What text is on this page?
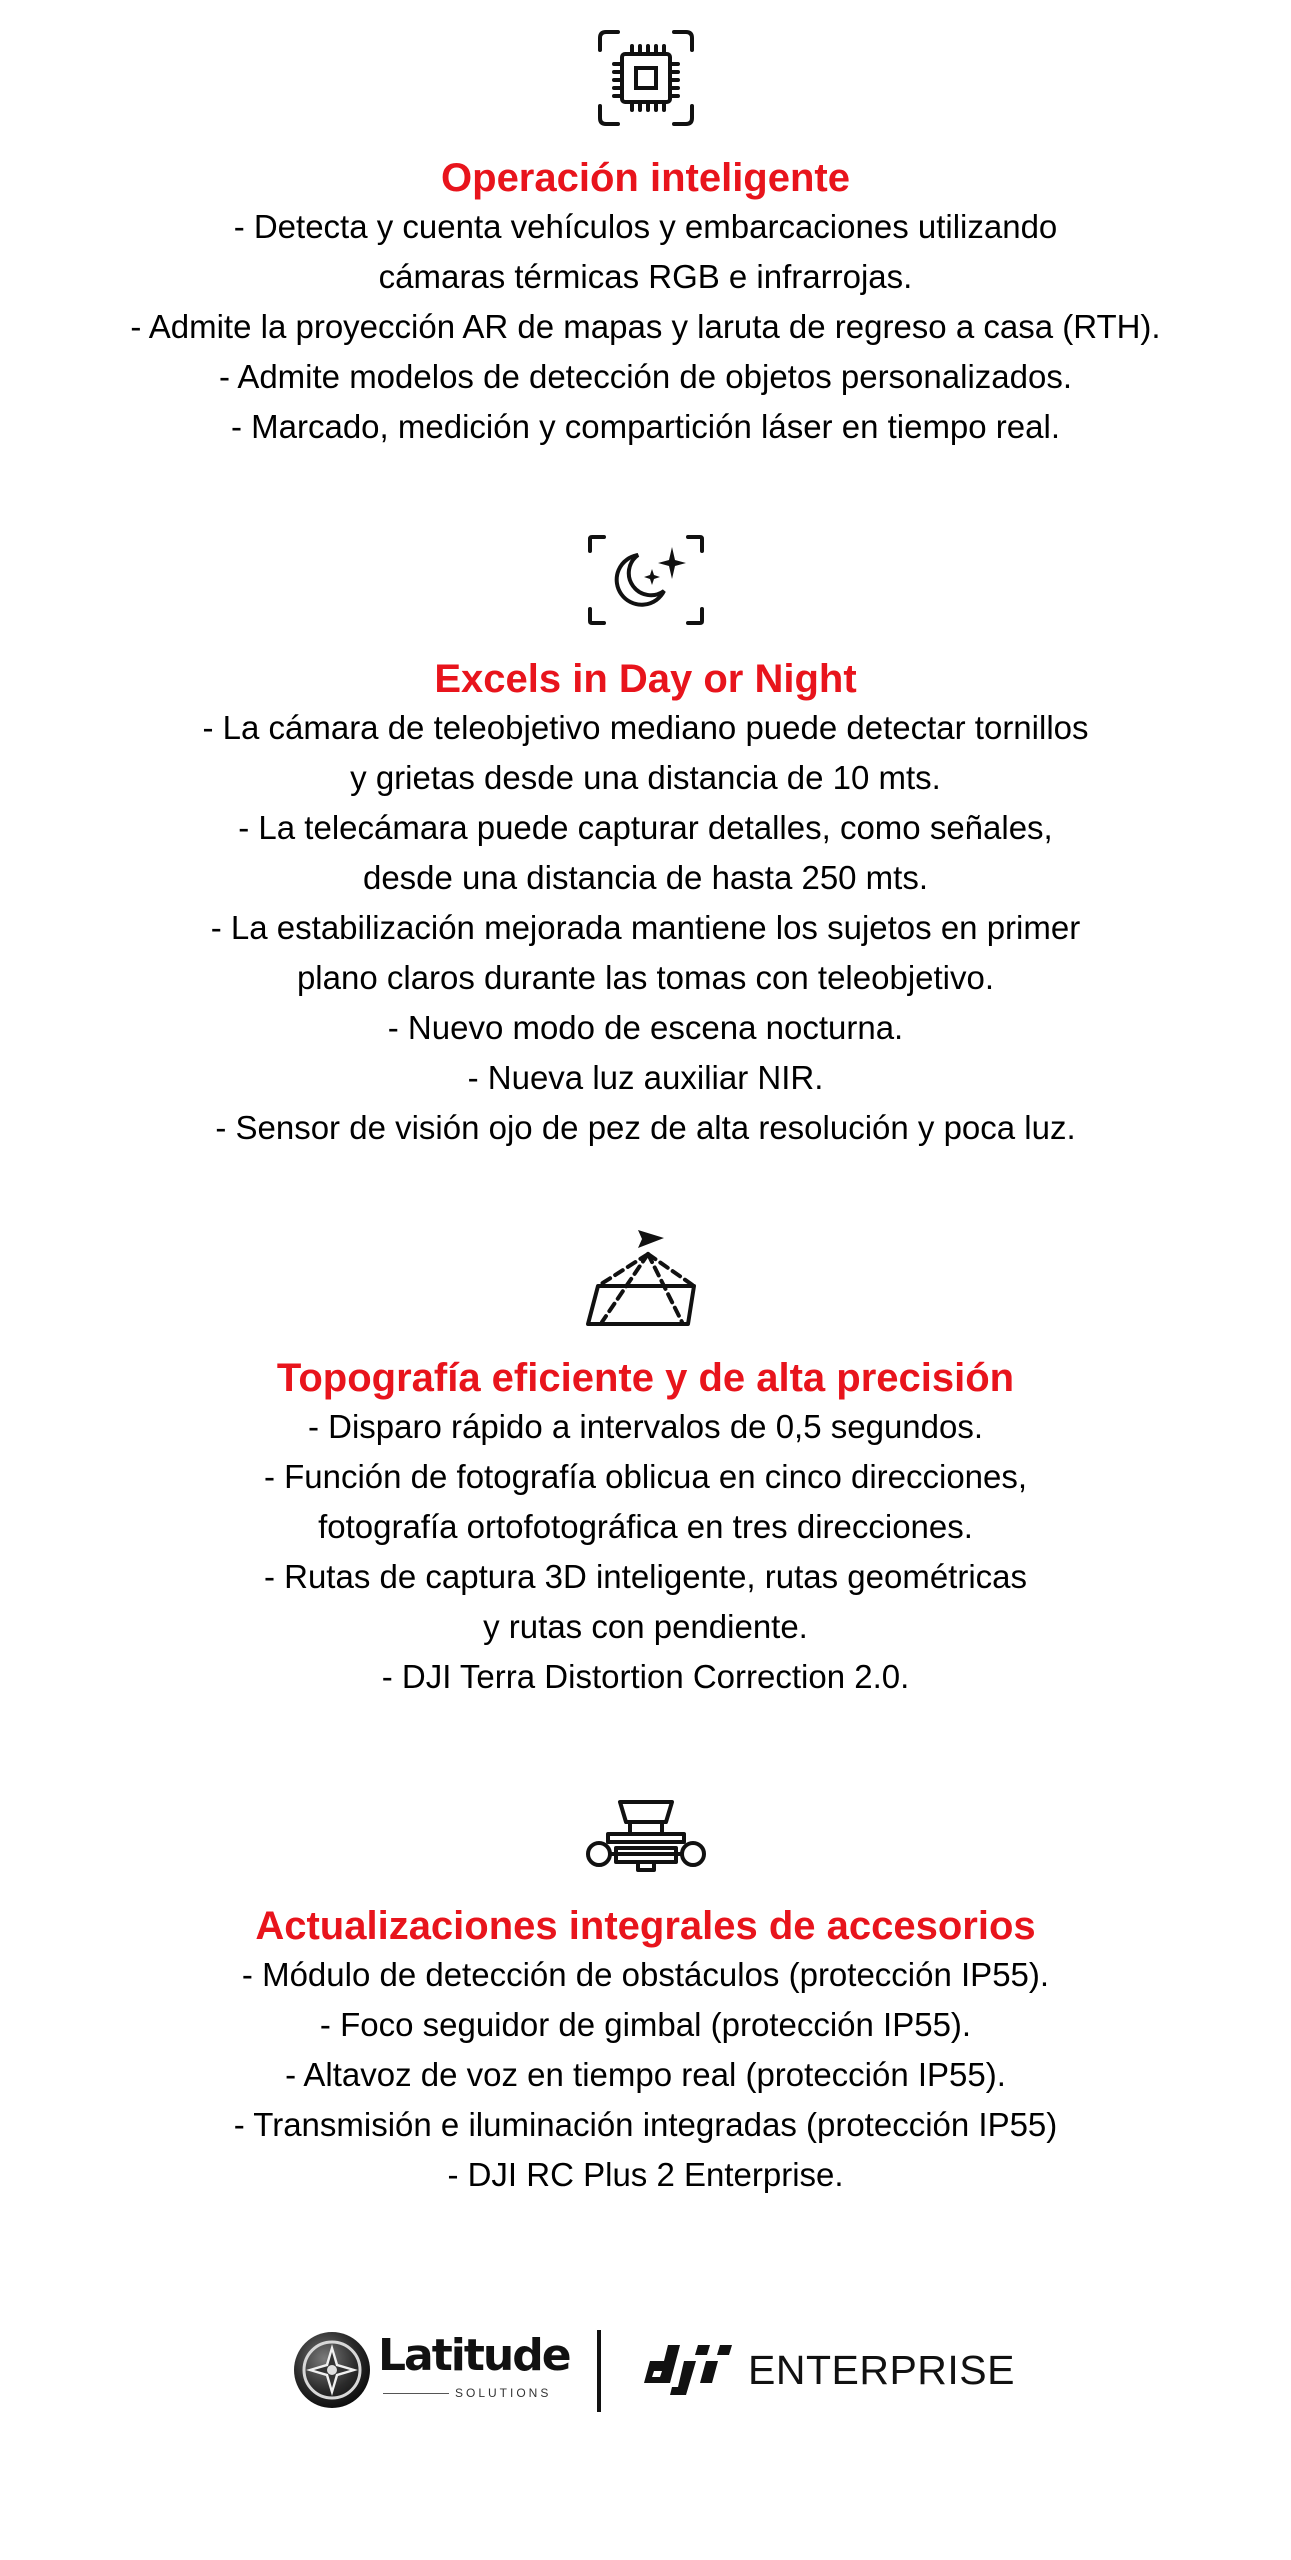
Operación inteligente
- Detecta y cuenta vehículos y embarcaciones utilizando
cámaras térmicas RGB e infrarrojas.
- Admite la proyección AR de mapas y laruta de regreso a casa (RTH).
- Admite modelos de detección de objetos personalizados.
- Marcado, medición y compartición láser en tiempo real.
Excels in Day or Night
- La cámara de teleobjetivo mediano puede detectar tornillos
y grietas desde una distancia de 10 mts.
- La telecámara puede capturar detalles, como señales,
desde una distancia de hasta 250 mts.
- La estabilización mejorada mantiene los sujetos en primer
plano claros durante las tomas con teleobjetivo.
- Nuevo modo de escena nocturna.
- Nueva luz auxiliar NIR.
- Sensor de visión ojo de pez de alta resolución y poca luz.
Topografía eficiente y de alta precisión
- Disparo rápido a intervalos de 0,5 segundos.
- Función de fotografía oblicua en cinco direcciones,
fotografía ortofotográfica en tres direcciones.
- Rutas de captura 3D inteligente, rutas geométricas
y rutas con pendiente.
- DJI Terra Distortion Correction 2.0.
Actualizaciones integrales de accesorios
- Módulo de detección de obstáculos (protección IP55).
- Foco seguidor de gimbal (protección IP55).
- Altavoz de voz en tiempo real (protección IP55).
- Transmisión e iluminación integradas (protección IP55)
- DJI RC Plus 2 Enterprise.
Latitude
SOLUTIONS	ENTERPRISE
